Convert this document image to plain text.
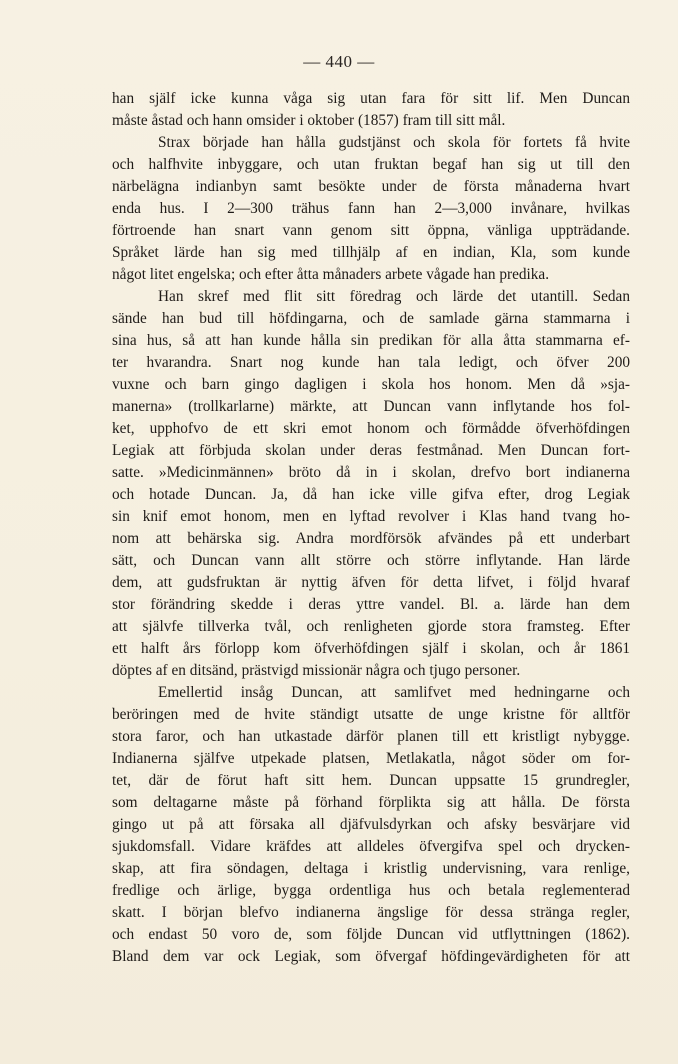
— 440 —
han själf icke kunna våga sig utan fara för sitt lif. Men Duncan
måste åstad och hann omsider i oktober (1857) fram till sitt mål.
Strax började han hålla gudstjänst och skola för fortets få hvite
och halfhvite inbyggare, och utan fruktan begaf han sig ut till den
närbelägna indianbyn samt besökte under de första månaderna hvart
enda hus. I 2—300 trähus fann han 2—3,000 invånare, hvilkas
förtroende han snart vann genom sitt öppna, vänliga uppträdande.
Språket lärde han sig med tillhjälp af en indian, Kla, som kunde
något litet engelska; och efter åtta månaders arbete vågade han predika.
Han skref med flit sitt föredrag och lärde det utantill. Sedan
sände han bud till höfdingarna, och de samlade gärna stammarna i
sina hus, så att han kunde hålla sin predikan för alla åtta stammarna ef-
ter hvarandra. Snart nog kunde han tala ledigt, och öfver 200
vuxne och barn gingo dagligen i skola hos honom. Men då »sja-
manerna» (trollkarlarne) märkte, att Duncan vann inflytande hos fol-
ket, upphofvo de ett skri emot honom och förmådde öfverhöfdingen
Legiak att förbjuda skolan under deras festmånad. Men Duncan fort-
satte. »Medicinmännen» bröto då in i skolan, drefvo bort indianerna
och hotade Duncan. Ja, då han icke ville gifva efter, drog Legiak
sin knif emot honom, men en lyftad revolver i Klas hand tvang ho-
nom att behärska sig. Andra mordförsök afvändes på ett underbart
sätt, och Duncan vann allt större och större inflytande. Han lärde
dem, att gudsfruktan är nyttig äfven för detta lifvet, i följd hvaraf
stor förändring skedde i deras yttre vandel. Bl. a. lärde han dem
att självfe tillverka tvål, och renligheten gjorde stora framsteg. Efter
ett halft års förlopp kom öfverhöfdingen själf i skolan, och år 1861
döptes af en ditsänd, prästvigd missionär några och tjugo personer.
Emellertid insåg Duncan, att samlifvet med hedningarne och
beröringen med de hvite ständigt utsatte de unge kristne för alltför
stora faror, och han utkastade därför planen till ett kristligt nybygge.
Indianerna själfve utpekade platsen, Metlakatla, något söder om for-
tet, där de förut haft sitt hem. Duncan uppsatte 15 grundregler,
som deltagarne måste på förhand förplikta sig att hålla. De första
gingo ut på att försaka all djäfvulsdyrkan och afsky besvärjare vid
sjukdomsfall. Vidare kräfdes att alldeles öfvergifva spel och drycken-
skap, att fira söndagen, deltaga i kristlig undervisning, vara renlige,
fredlige och ärlige, bygga ordentliga hus och betala reglementerad
skatt. I början blefvo indianerna ängslige för dessa stränga regler,
och endast 50 voro de, som följde Duncan vid utflyttningen (1862).
Bland dem var ock Legiak, som öfvergaf höfdingevärdigheten för att
